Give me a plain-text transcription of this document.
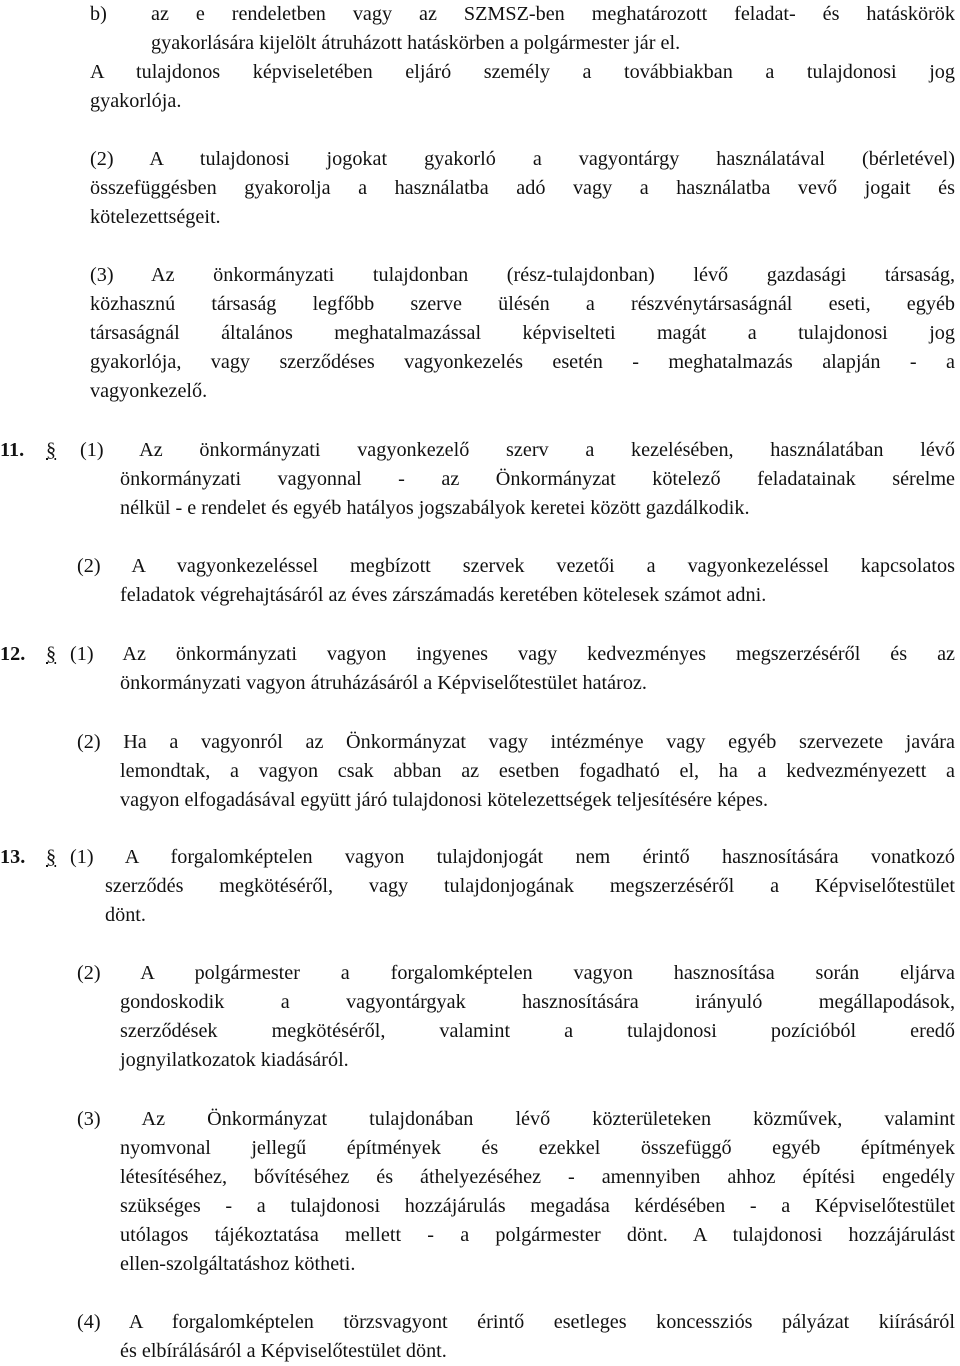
b) az e rendeletben vagy az SZMSZ-ben meghatározott feladat- és hatáskörök
gyakorlására kijelölt átruházott hatáskörben a polgármester jár el.
A tulajdonos képviseletében eljáró személy a továbbiakban a tulajdonosi jog
gyakorlója.
(2) A tulajdonosi jogokat gyakorló a vagyontárgy használatával (bérletével)
összefüggésben gyakorolja a használatba adó vagy a használatba vevő jogait és
kötelezettségeit.
(3) Az önkormányzati tulajdonban (rész-tulajdonban) lévő gazdasági társaság,
közhasznú társaság legfőbb szerve ülésén a részvénytársaságnál eseti, egyéb
társaságnál általános meghatalmazással képviselteti magát a tulajdonosi jog
gyakorlója, vagy szerződéses vagyonkezelés esetén - meghatalmazás alapján - a
vagyonkezelő.
11. § (1) Az önkormányzati vagyonkezelő szerv a kezelésében, használatában lévő
önkormányzati vagyonnal - az Önkormányzat kötelező feladatainak sérelme
nélkül - e rendelet és egyéb hatályos jogszabályok keretei között gazdálkodik.
(2) A vagyonkezeléssel megbízott szervek vezetői a vagyonkezeléssel kapcsolatos
feladatok végrehajtásáról az éves zárszámadás keretében kötelesek számot adni.
12. § (1) Az önkormányzati vagyon ingyenes vagy kedvezményes megszerzéséről és az
önkormányzati vagyon átruházásáról a Képviselőtestület határoz.
(2) Ha a vagyonról az Önkormányzat vagy intézménye vagy egyéb szervezete javára
lemondtak, a vagyon csak abban az esetben fogadható el, ha a kedvezményezett a
vagyon elfogadásával együtt járó tulajdonosi kötelezettségek teljesítésére képes.
13. § (1) A forgalomképtelen vagyon tulajdonjogát nem érintő hasznosítására vonatkozó
szerződés megkötéséről, vagy tulajdonjogának megszerzéséről a Képviselőtestület
dönt.
(2) A polgármester a forgalomképtelen vagyon hasznosítása során eljárva
gondoskodik a vagyontárgyak hasznosítására irányuló megállapodások,
szerződések megkötéséről, valamint a tulajdonosi pozícióból eredő
jognyilatkozatok kiadásáról.
(3) Az Önkormányzat tulajdonában lévő közterületeken közművek, valamint
nyomvonal jellegű építmények és ezekkel összefüggő egyéb építmények
létesítéséhez, bővítéséhez és áthelyezéséhez - amennyiben ahhoz építési engedély
szükséges - a tulajdonosi hozzájárulás megadása kérdésében - a Képviselőtestület
utólagos tájékoztatása mellett - a polgármester dönt. A tulajdonosi hozzájárulást
ellen-szolgáltatáshoz kötheti.
(4) A forgalomképtelen törzsvagyont érintő esetleges koncessziós pályázat kiírásáról
és elbírálásáról a Képviselőtestület dönt.
